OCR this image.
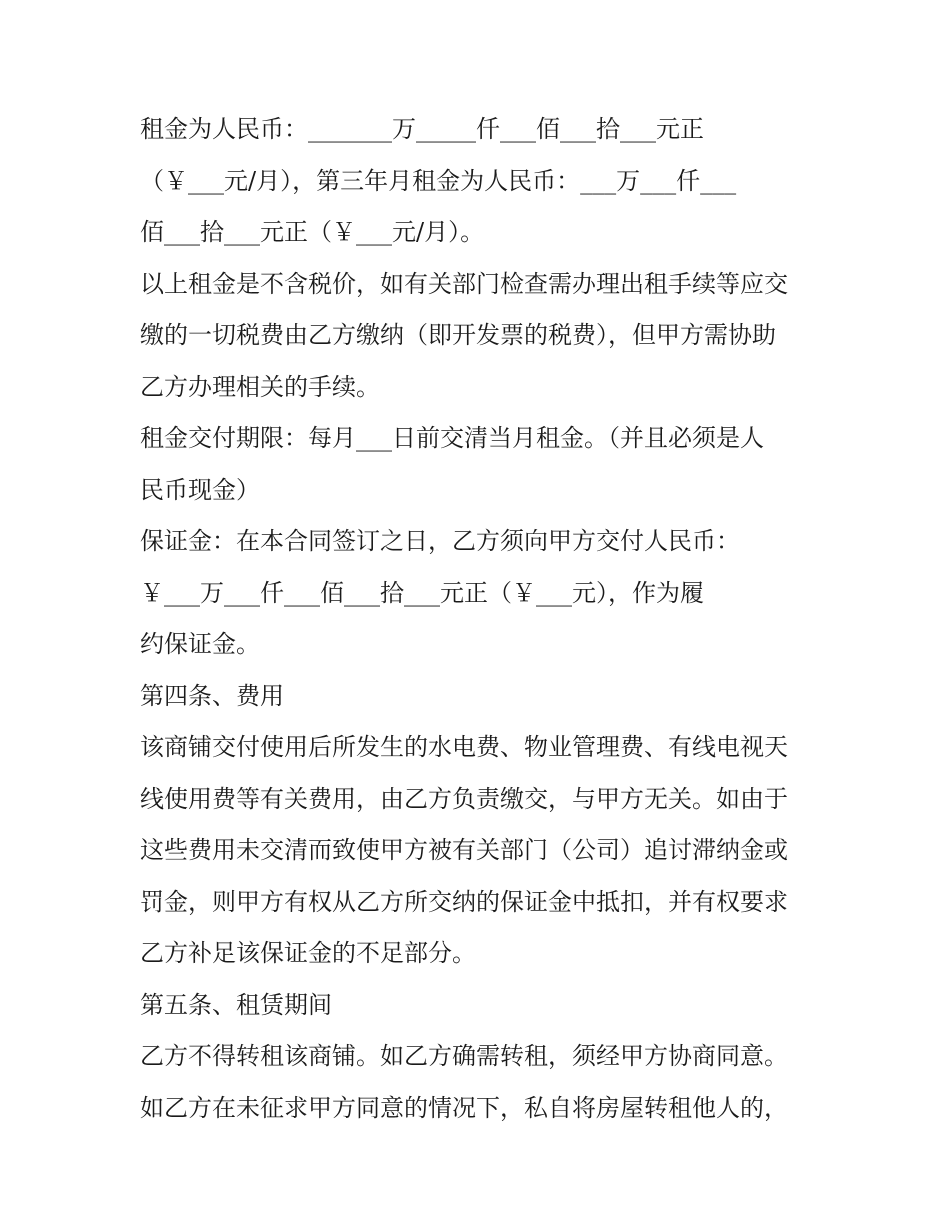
租金为人民币：_______万_____仟___佰___拾___元正
（￥___元/月），第三年月租金为人民币：___万___仟___
佰___拾___元正（￥___元/月）。
以上租金是不含税价，如有关部门检查需办理出租手续等应交
缴的一切税费由乙方缴纳（即开发票的税费），但甲方需协助
乙方办理相关的手续。
租金交付期限：每月___日前交清当月租金。（并且必须是人
民币现金）
保证金：在本合同签订之日，乙方须向甲方交付人民币：
￥___万___仟___佰___拾___元正（￥___元），作为履
约保证金。
第四条、费用
该商铺交付使用后所发生的水电费、物业管理费、有线电视天
线使用费等有关费用，由乙方负责缴交，与甲方无关。如由于
这些费用未交清而致使甲方被有关部门（公司）追讨滞纳金或
罚金，则甲方有权从乙方所交纳的保证金中抵扣，并有权要求
乙方补足该保证金的不足部分。
第五条、租赁期间
乙方不得转租该商铺。如乙方确需转租，须经甲方协商同意。
如乙方在未征求甲方同意的情况下，私自将房屋转租他人的，
